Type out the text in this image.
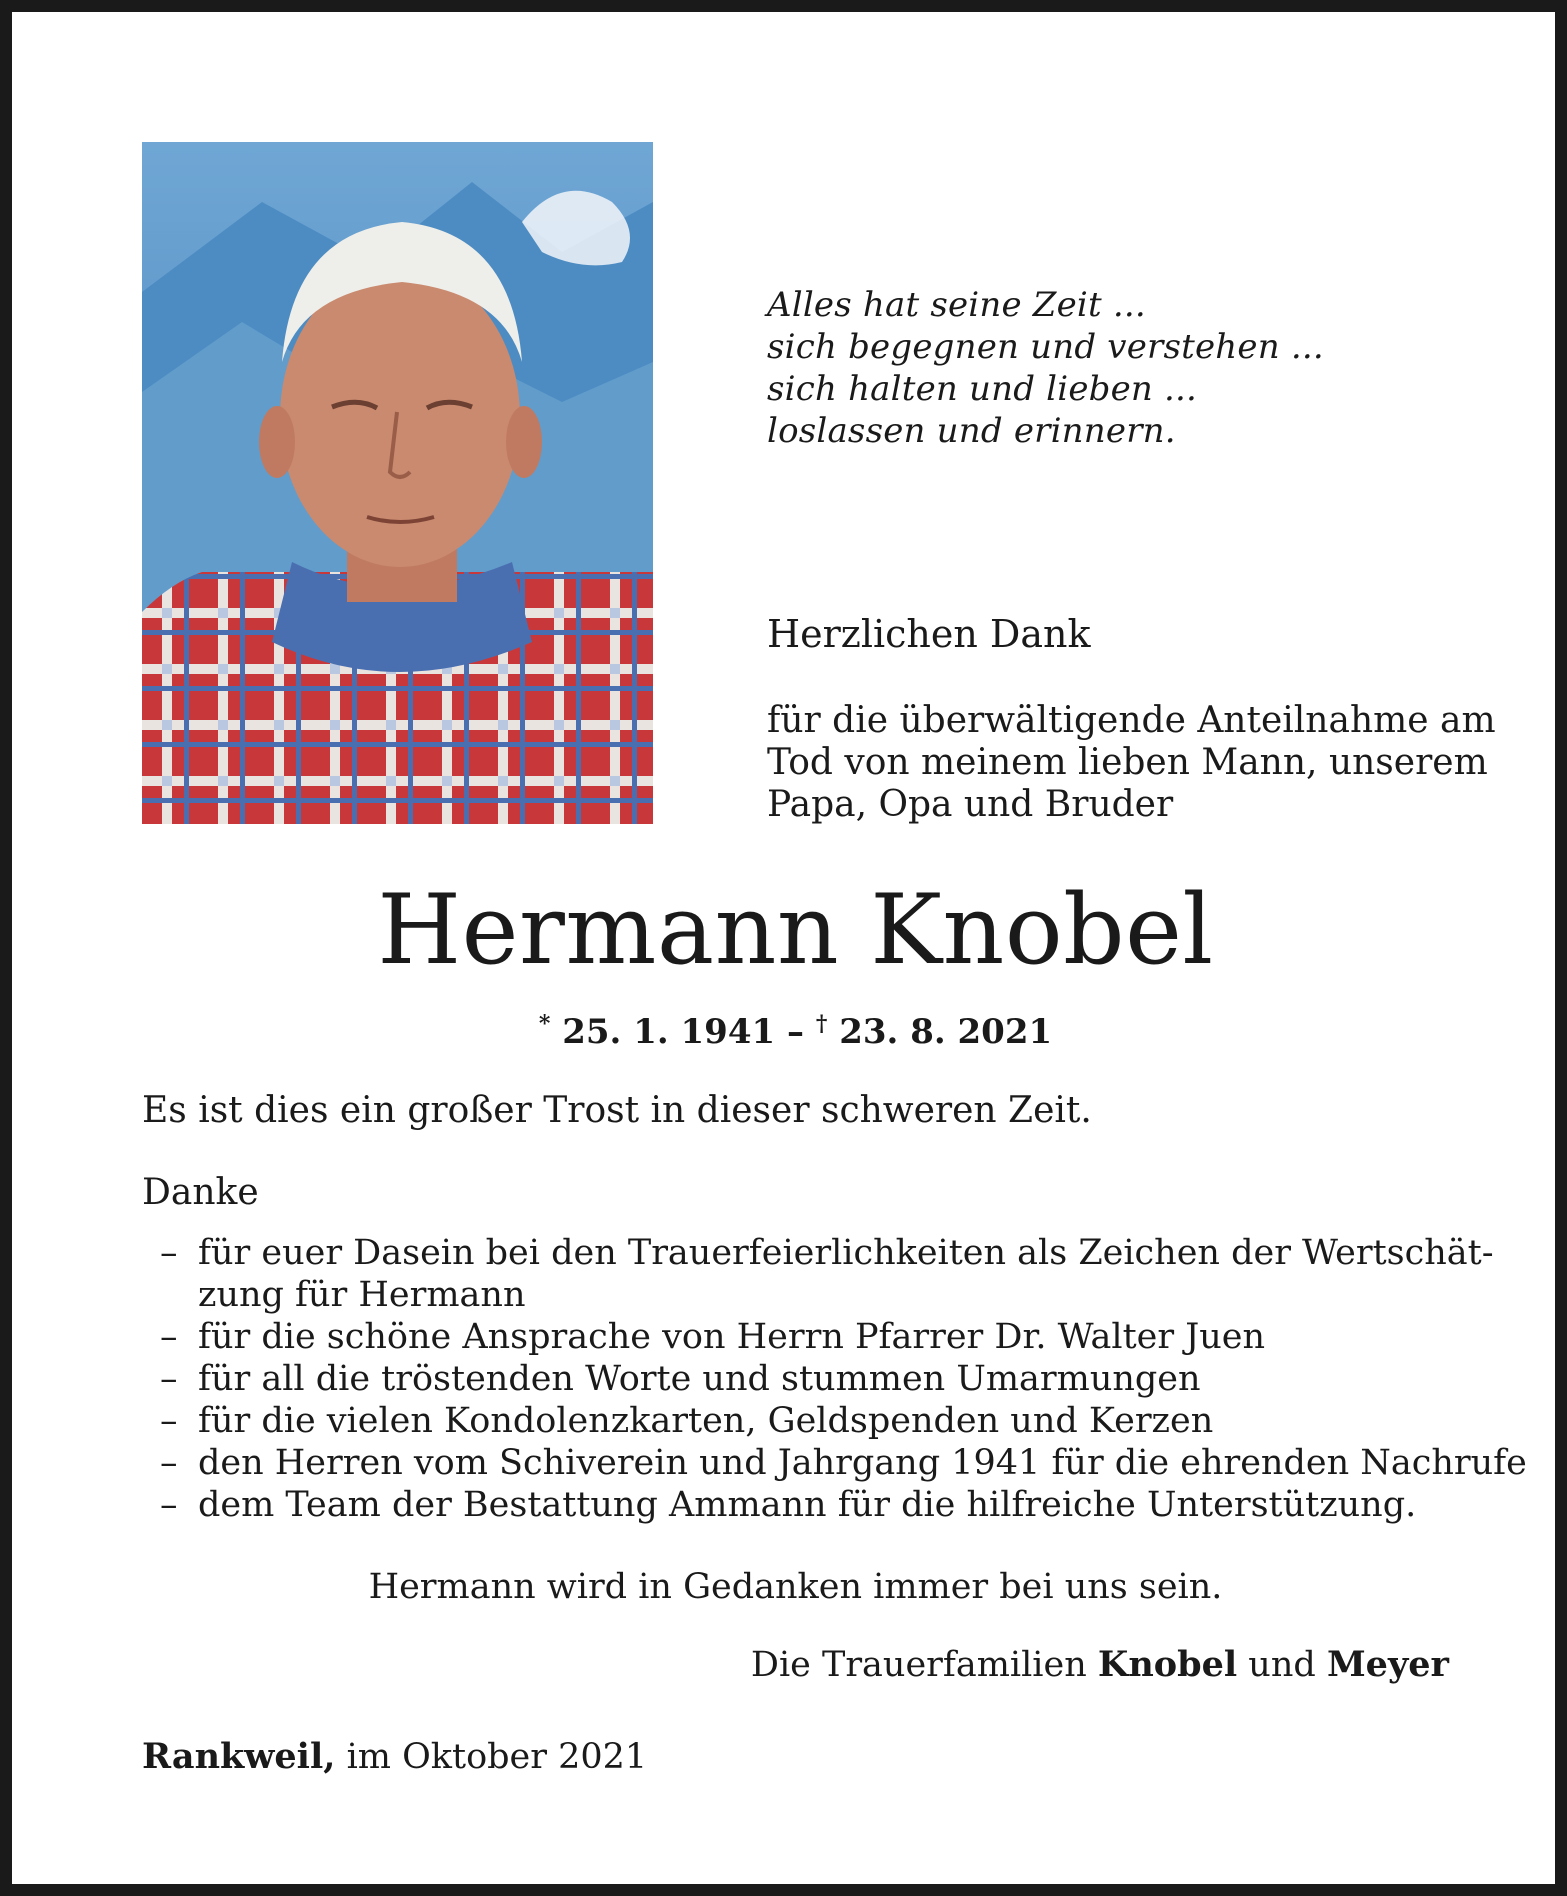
Alles hat seine Zeit ...
sich begegnen und verstehen ...
sich halten und lieben ...
loslassen und erinnern.
Herzlichen Dank
für die überwältigende Anteilnahme am
Tod von meinem lieben Mann, unserem
Papa, Opa und Bruder
Hermann Knobel
* 25. 1. 1941 – † 23. 8. 2021
Es ist dies ein großer Trost in dieser schweren Zeit.
Danke
– für euer Dasein bei den Trauerfeierlichkeiten als Zeichen der Wertschät-
zung für Hermann
– für die schöne Ansprache von Herrn Pfarrer Dr. Walter Juen
– für all die tröstenden Worte und stummen Umarmungen
– für die vielen Kondolenzkarten, Geldspenden und Kerzen
– den Herren vom Schiverein und Jahrgang 1941 für die ehrenden Nachrufe
– dem Team der Bestattung Ammann für die hilfreiche Unterstützung.
Hermann wird in Gedanken immer bei uns sein.
Die Trauerfamilien Knobel und Meyer
Rankweil, im Oktober 2021
